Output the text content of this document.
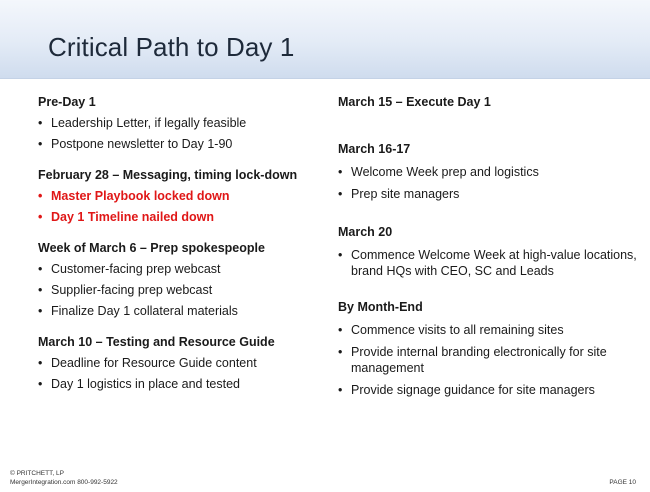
Critical Path to Day 1
Pre-Day 1
• Leadership Letter, if legally feasible
• Postpone newsletter to Day 1-90
February 28 – Messaging, timing lock-down
• Master Playbook locked down
• Day 1 Timeline nailed down
Week of March 6 – Prep spokespeople
• Customer-facing prep webcast
• Supplier-facing prep webcast
• Finalize Day 1 collateral materials
March 10 – Testing and Resource Guide
• Deadline for Resource Guide content
• Day 1 logistics in place and tested
March 15 – Execute Day 1
March 16-17
• Welcome Week prep and logistics
• Prep site managers
March 20
• Commence Welcome Week at high-value locations, brand HQs with CEO, SC and Leads
By Month-End
• Commence visits to all remaining sites
• Provide internal branding electronically for site management
• Provide signage guidance for site managers
© PRITCHETT, LP
MergerIntegration.com 800-992-5922	PAGE 10
